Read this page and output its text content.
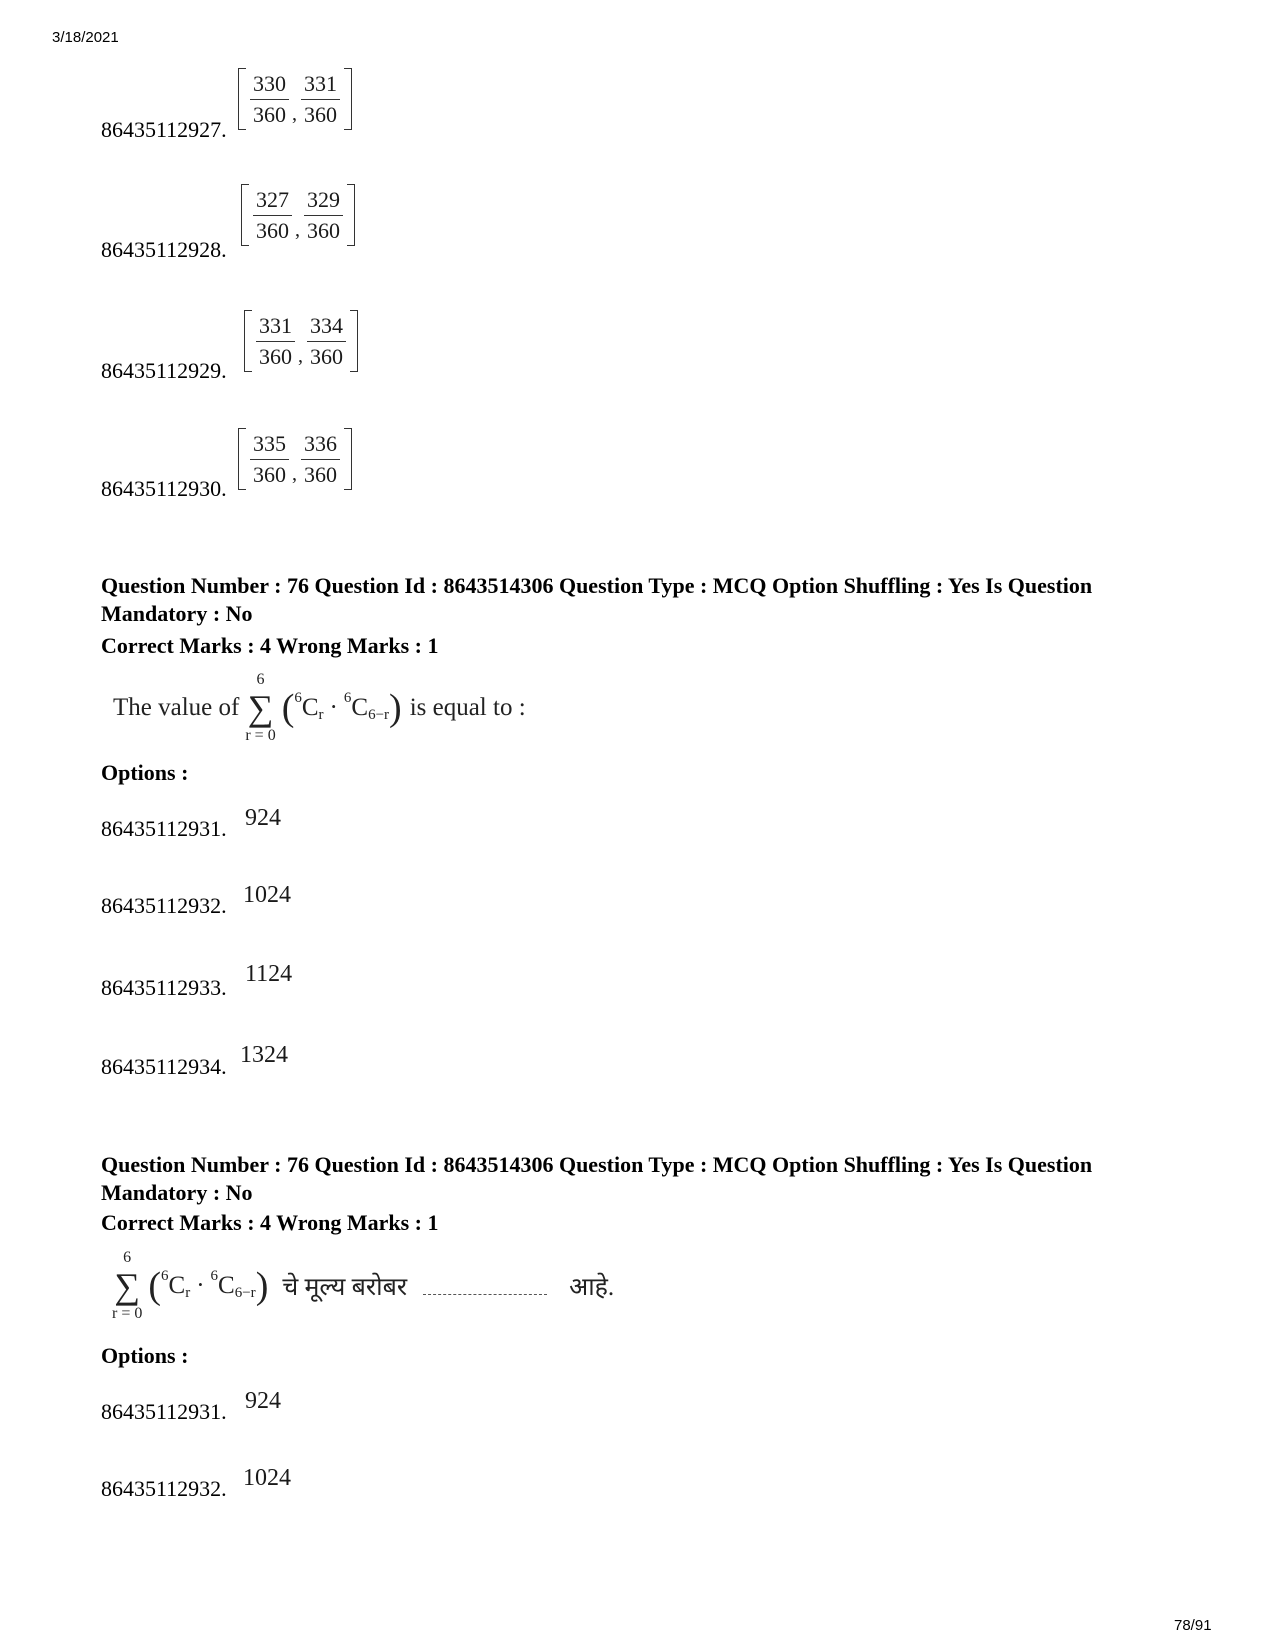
3/18/2021
86435112927.
$\frac{330}{360}$ , $\frac{331}{360}$
86435112928.
$\frac{327}{360}$ , $\frac{329}{360}$
86435112929.
$\frac{331}{360}$ , $\frac{334}{360}$
86435112930.
$\frac{335}{360}$ , $\frac{336}{360}$
Question Number : 76 Question Id : 8643514306 Question Type : MCQ Option Shuffling : Yes Is Question Mandatory : No
Correct Marks : 4 Wrong Marks : 1
The value of
6
∑
r = 0
( 6 C r · 6 C 6−r ) is equal to :
Options :
86435112931. 924
86435112932. 1024
86435112933.
1124
86435112934. 1324
Question Number : 76 Question Id : 8643514306 Question Type : MCQ Option Shuffling : Yes Is Question Mandatory : No
Correct Marks : 4 Wrong Marks : 1
6
∑
r = 0
( 6 C r · 6 C 6−r ) चे मूल्य बरोबर	आहे.
Options :
86435112931. 924
86435112932. 1024
78/91
